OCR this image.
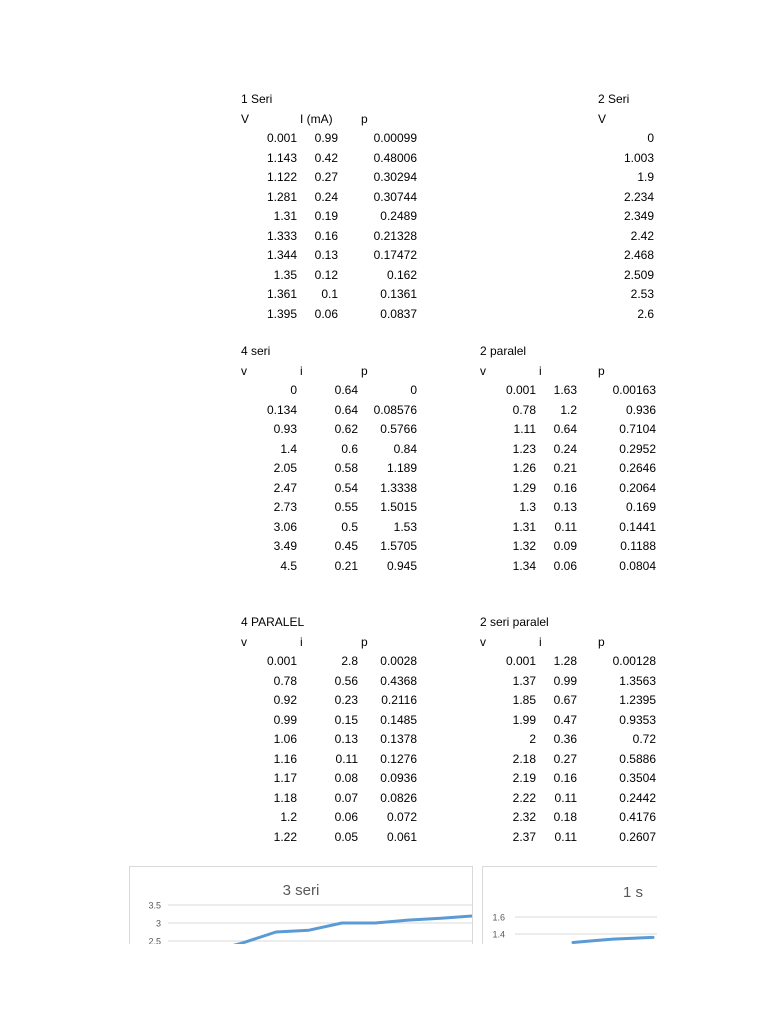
1 Seri
V	I (mA) p
0.001	0.99	0.00099
1.143	0.42	0.48006
1.122	0.27	0.30294
1.281	0.24	0.30744
1.31	0.19	0.2489
1.333	0.16	0.21328
1.344	0.13	0.17472
1.35	0.12	0.162
1.361	0.1	0.1361
1.395	0.06	0.0837
2 Seri
V
0
1.003
1.9
2.234
2.349
2.42
2.468
2.509
2.53
2.6
4 seri
v	i	p
0	0.64	0
0.134	0.64	0.08576
0.93	0.62	0.5766
1.4	0.6	0.84
2.05	0.58	1.189
2.47	0.54	1.3338
2.73	0.55	1.5015
3.06	0.5	1.53
3.49	0.45	1.5705
4.5	0.21	0.945
2 paralel
v	i	p
0.001	1.63	0.00163
0.78	1.2	0.936
1.11	0.64	0.7104
1.23	0.24	0.2952
1.26	0.21	0.2646
1.29	0.16	0.2064
1.3	0.13	0.169
1.31	0.11	0.1441
1.32	0.09	0.1188
1.34	0.06	0.0804
4 PARALEL
v	i	p
0.001	2.8	0.0028
0.78	0.56	0.4368
0.92	0.23	0.2116
0.99	0.15	0.1485
1.06	0.13	0.1378
1.16	0.11	0.1276
1.17	0.08	0.0936
1.18	0.07	0.0826
1.2	0.06	0.072
1.22	0.05	0.061
2 seri paralel
v	i	p
0.001	1.28	0.00128
1.37	0.99	1.3563
1.85	0.67	1.2395
1.99	0.47	0.9353
2	0.36	0.72
2.18	0.27	0.5886
2.19	0.16	0.3504
2.22	0.11	0.2442
2.32	0.18	0.4176
2.37	0.11	0.2607
3 seri
3.5
3
2.5
1 s
1.6
1.4
